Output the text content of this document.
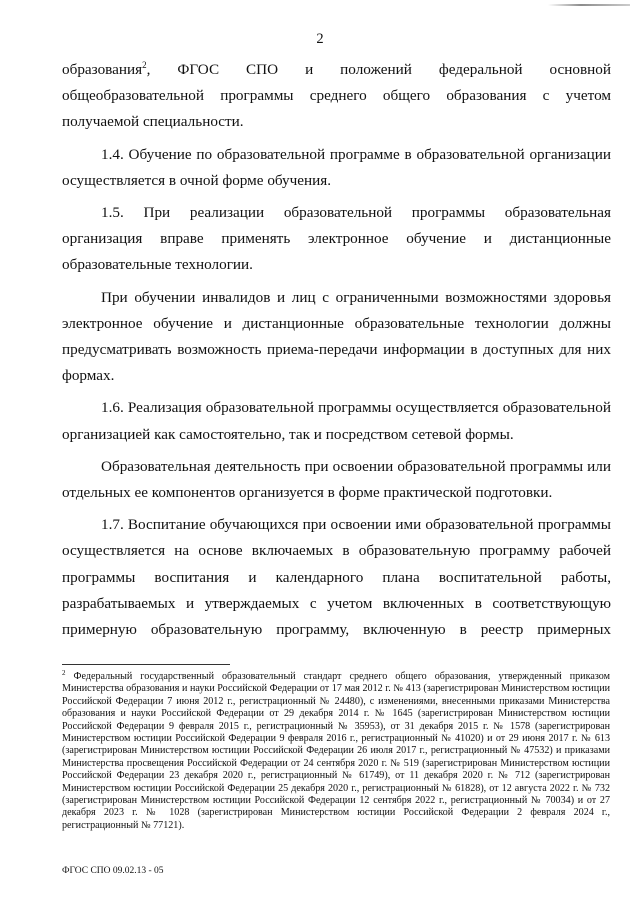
2

образования$^2$, ФГОС СПО и положений федеральной основной общеобразовательной программы среднего общего образования с учетом получаемой специальности.

1.4. Обучение по образовательной программе в образовательной организации осуществляется в очной форме обучения.

1.5. При реализации образовательной программы образовательная организация вправе применять электронное обучение и дистанционные образовательные технологии.

При обучении инвалидов и лиц с ограниченными возможностями здоровья электронное обучение и дистанционные образовательные технологии должны предусматривать возможность приема-передачи информации в доступных для них формах.

1.6. Реализация образовательной программы осуществляется образовательной организацией как самостоятельно, так и посредством сетевой формы.

Образовательная деятельность при освоении образовательной программы или отдельных ее компонентов организуется в форме практической подготовки.

1.7. Воспитание обучающихся при освоении ими образовательной программы осуществляется на основе включаемых в образовательную программу рабочей программы воспитания и календарного плана воспитательной работы, разрабатываемых и утверждаемых с учетом включенных в соответствующую примерную образовательную программу, включенную в реестр примерных

$^2$ Федеральный государственный образовательный стандарт среднего общего образования, утвержденный приказом Министерства образования и науки Российской Федерации от 17 мая 2012 г. № 413 (зарегистрирован Министерством юстиции Российской Федерации 7 июня 2012 г., регистрационный № 24480), с изменениями, внесенными приказами Министерства образования и науки Российской Федерации от 29 декабря 2014 г. № 1645 (зарегистрирован Министерством юстиции Российской Федерации 9 февраля 2015 г., регистрационный № 35953), от 31 декабря 2015 г. № 1578 (зарегистрирован Министерством юстиции Российской Федерации 9 февраля 2016 г., регистрационный № 41020) и от 29 июня 2017 г. № 613 (зарегистрирован Министерством юстиции Российской Федерации 26 июля 2017 г., регистрационный № 47532) и приказами Министерства просвещения Российской Федерации от 24 сентября 2020 г. № 519 (зарегистрирован Министерством юстиции Российской Федерации 23 декабря 2020 г., регистрационный № 61749), от 11 декабря 2020 г. № 712 (зарегистрирован Министерством юстиции Российской Федерации 25 декабря 2020 г., регистрационный № 61828), от 12 августа 2022 г. № 732 (зарегистрирован Министерством юстиции Российской Федерации 12 сентября 2022 г., регистрационный № 70034) и от 27 декабря 2023 г. № 1028 (зарегистрирован Министерством юстиции Российской Федерации 2 февраля 2024 г., регистрационный № 77121).
ФГОС СПО 09.02.13 - 05
